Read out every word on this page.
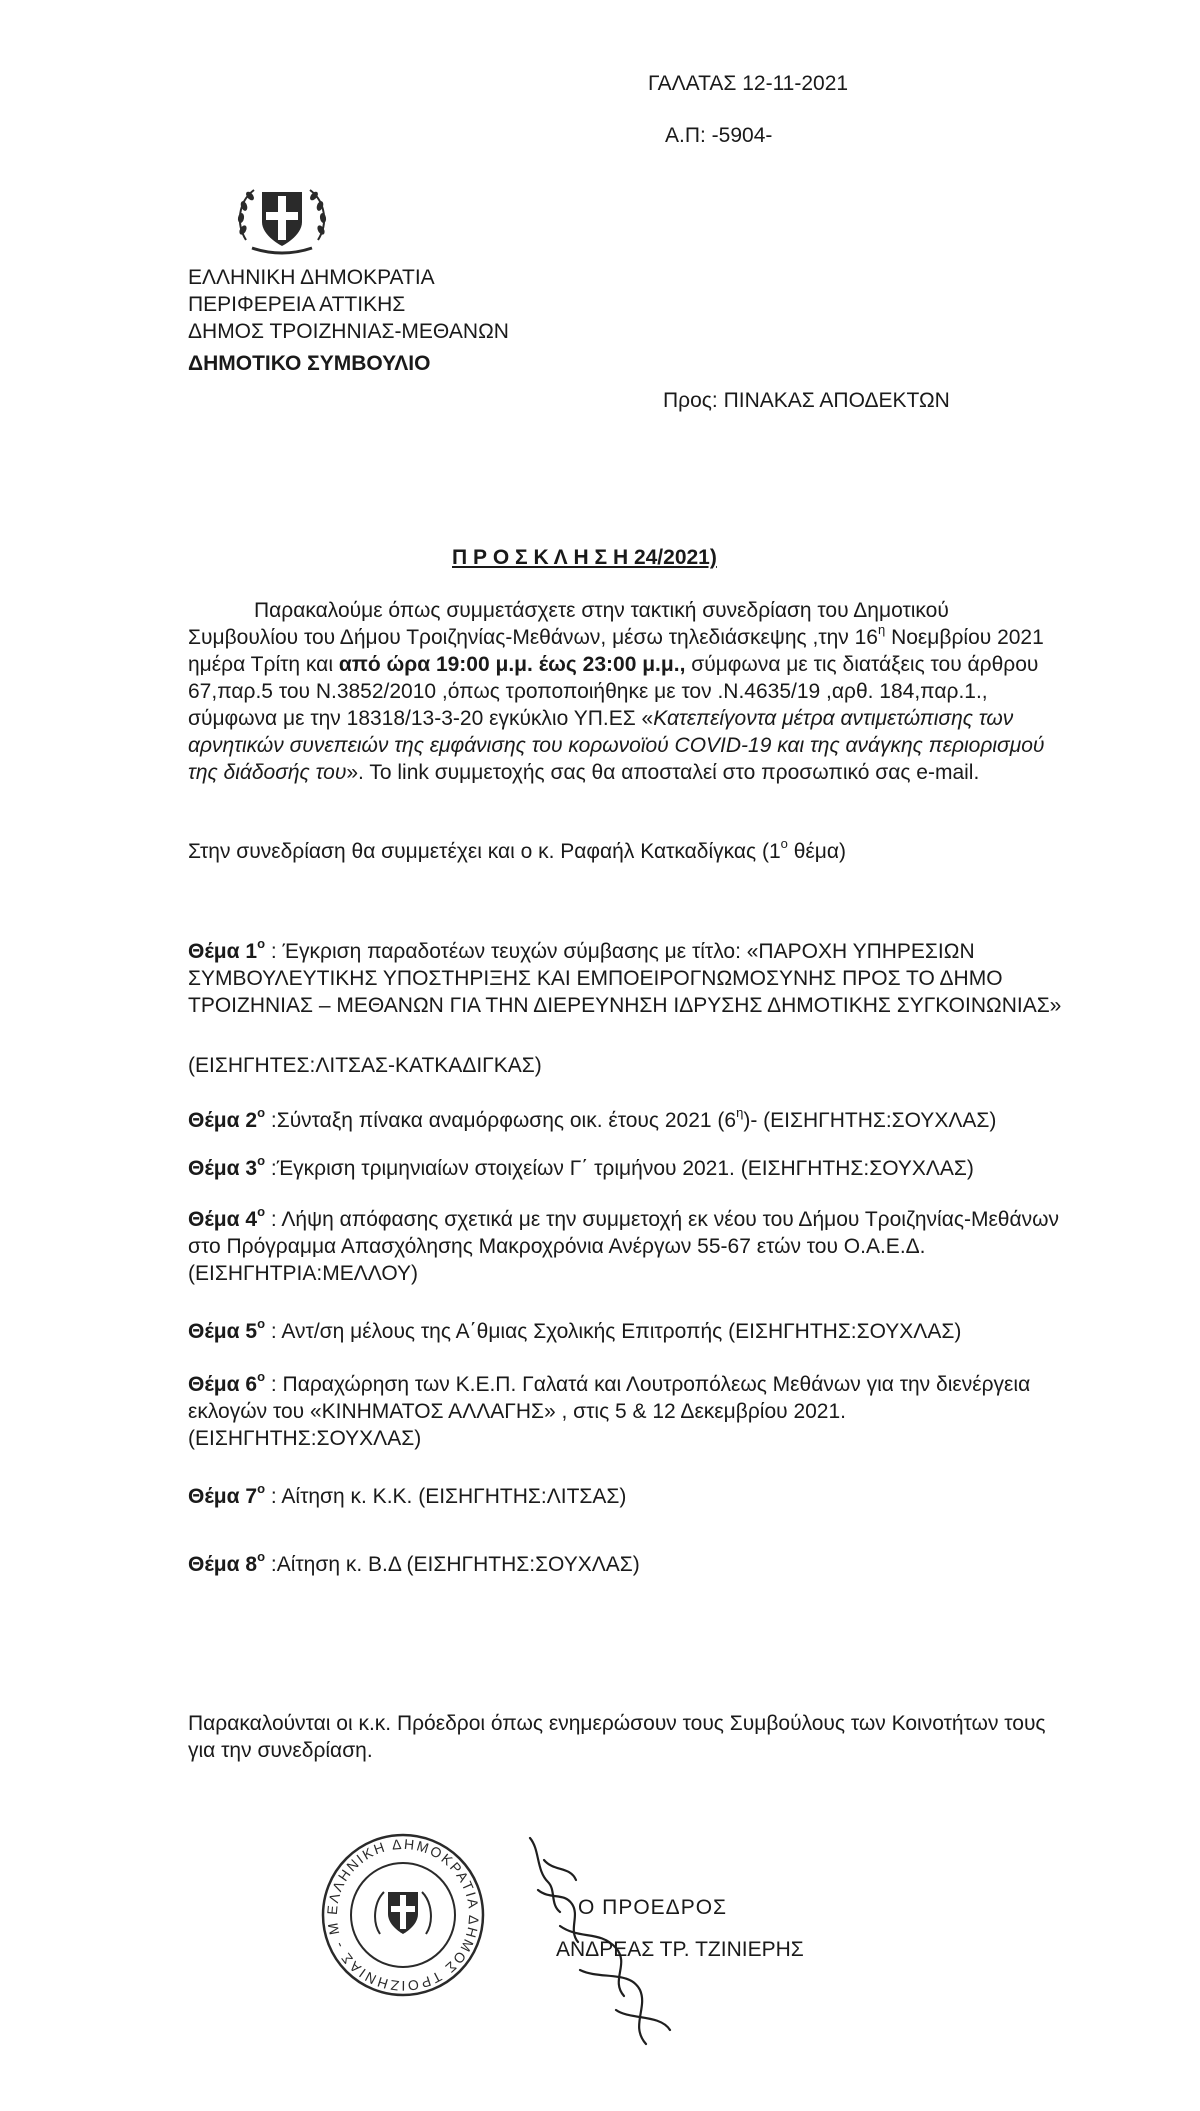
ΓΑΛΑΤΑΣ 12-11-2021
Α.Π: -5904-
ΕΛΛΗΝΙΚΗ ΔΗΜΟΚΡΑΤΙΑ
ΠΕΡΙΦΕΡΕΙΑ ΑΤΤΙΚΗΣ
ΔΗΜΟΣ ΤΡΟΙΖΗΝΙΑΣ-ΜΕΘΑΝΩΝ
ΔΗΜΟΤΙΚΟ ΣΥΜΒΟΥΛΙΟ
Προς: ΠΙΝΑΚΑΣ ΑΠΟΔΕΚΤΩΝ
Π Ρ Ο Σ Κ Λ Η Σ Η 24/2021)
Παρακαλούμε όπως συμμετάσχετε στην τακτική συνεδρίαση του Δημοτικού
Συμβουλίου του Δήμου Τροιζηνίας-Μεθάνων, μέσω τηλεδιάσκεψης ,την $16^\eta$ Νοεμβρίου 2021
ημέρα Τρίτη και από ώρα 19:00 μ.μ. έως 23:00 μ.μ., σύμφωνα με τις διατάξεις του άρθρου
67,παρ.5 του Ν.3852/2010 ,όπως τροποποιήθηκε με τον .Ν.4635/19 ,αρθ. 184,παρ.1.,
σύμφωνα με την 18318/13-3-20 εγκύκλιο ΥΠ.ΕΣ «Κατεπείγοντα μέτρα αντιμετώπισης των
αρνητικών συνεπειών της εμφάνισης του κορωνοϊού COVID-19 και της ανάγκης περιορισμού
της διάδοσής του». Το link συμμετοχής σας θα αποσταλεί στο προσωπικό σας e-mail.
Στην συνεδρίαση θα συμμετέχει και ο κ. Ραφαήλ Κατκαδίγκας ($1^o$ θέμα)
Θέμα $1^o$ : Έγκριση παραδοτέων τευχών σύμβασης με τίτλο: «ΠΑΡΟΧΗ ΥΠΗΡΕΣΙΩΝ
ΣΥΜΒΟΥΛΕΥΤΙΚΗΣ ΥΠΟΣΤΗΡΙΞΗΣ ΚΑΙ ΕΜΠΟΕΙΡΟΓΝΩΜΟΣΥΝΗΣ ΠΡΟΣ ΤΟ ΔΗΜΟ
ΤΡΟΙΖΗΝΙΑΣ – ΜΕΘΑΝΩΝ ΓΙΑ ΤΗΝ ΔΙΕΡΕΥΝΗΣΗ ΙΔΡΥΣΗΣ ΔΗΜΟΤΙΚΗΣ ΣΥΓΚΟΙΝΩΝΙΑΣ»
(ΕΙΣΗΓΗΤΕΣ:ΛΙΤΣΑΣ-ΚΑΤΚΑΔΙΓΚΑΣ)
Θέμα $2^o$ :Σύνταξη πίνακα αναμόρφωσης οικ. έτους 2021 $(6^\eta)-$ (ΕΙΣΗΓΗΤΗΣ:ΣΟΥΧΛΑΣ)
Θέμα $3^o$ :Έγκριση τριμηνιαίων στοιχείων Γ΄ τριμήνου 2021. (ΕΙΣΗΓΗΤΗΣ:ΣΟΥΧΛΑΣ)
Θέμα $4^o$ : Λήψη απόφασης σχετικά με την συμμετοχή εκ νέου του Δήμου Τροιζηνίας-Μεθάνων
στο Πρόγραμμα Απασχόλησης Μακροχρόνια Ανέργων 55-67 ετών του Ο.Α.Ε.Δ.
(ΕΙΣΗΓΗΤΡΙΑ:ΜΕΛΛΟΥ)
Θέμα $5^o$ : Αντ/ση μέλους της Α΄θμιας Σχολικής Επιτροπής (ΕΙΣΗΓΗΤΗΣ:ΣΟΥΧΛΑΣ)
Θέμα $6^o$ : Παραχώρηση των Κ.Ε.Π. Γαλατά και Λουτροπόλεως Μεθάνων για την διενέργεια
εκλογών του «ΚΙΝΗΜΑΤΟΣ ΑΛΛΑΓΗΣ» , στις 5 & 12 Δεκεμβρίου 2021.
(ΕΙΣΗΓΗΤΗΣ:ΣΟΥΧΛΑΣ)
Θέμα $7^o$ : Αίτηση κ. Κ.Κ. (ΕΙΣΗΓΗΤΗΣ:ΛΙΤΣΑΣ)
Θέμα $8^o$ :Αίτηση κ. Β.Δ (ΕΙΣΗΓΗΤΗΣ:ΣΟΥΧΛΑΣ)
Παρακαλούνται οι κ.κ. Πρόεδροι όπως ενημερώσουν τους Συμβούλους των Κοινοτήτων τους
για την συνεδρίαση.
ΕΛΛΗΝΙΚΗ ΔΗΜΟΚΡΑΤΙΑ ΔΗΜΟΣ ΤΡΟΙΖΗΝΙΑΣ - Μ
Ο ΠΡΟΕΔΡΟΣ
ΑΝΔΡΕΑΣ ΤΡ. ΤΖΙΝΙΕΡΗΣ
